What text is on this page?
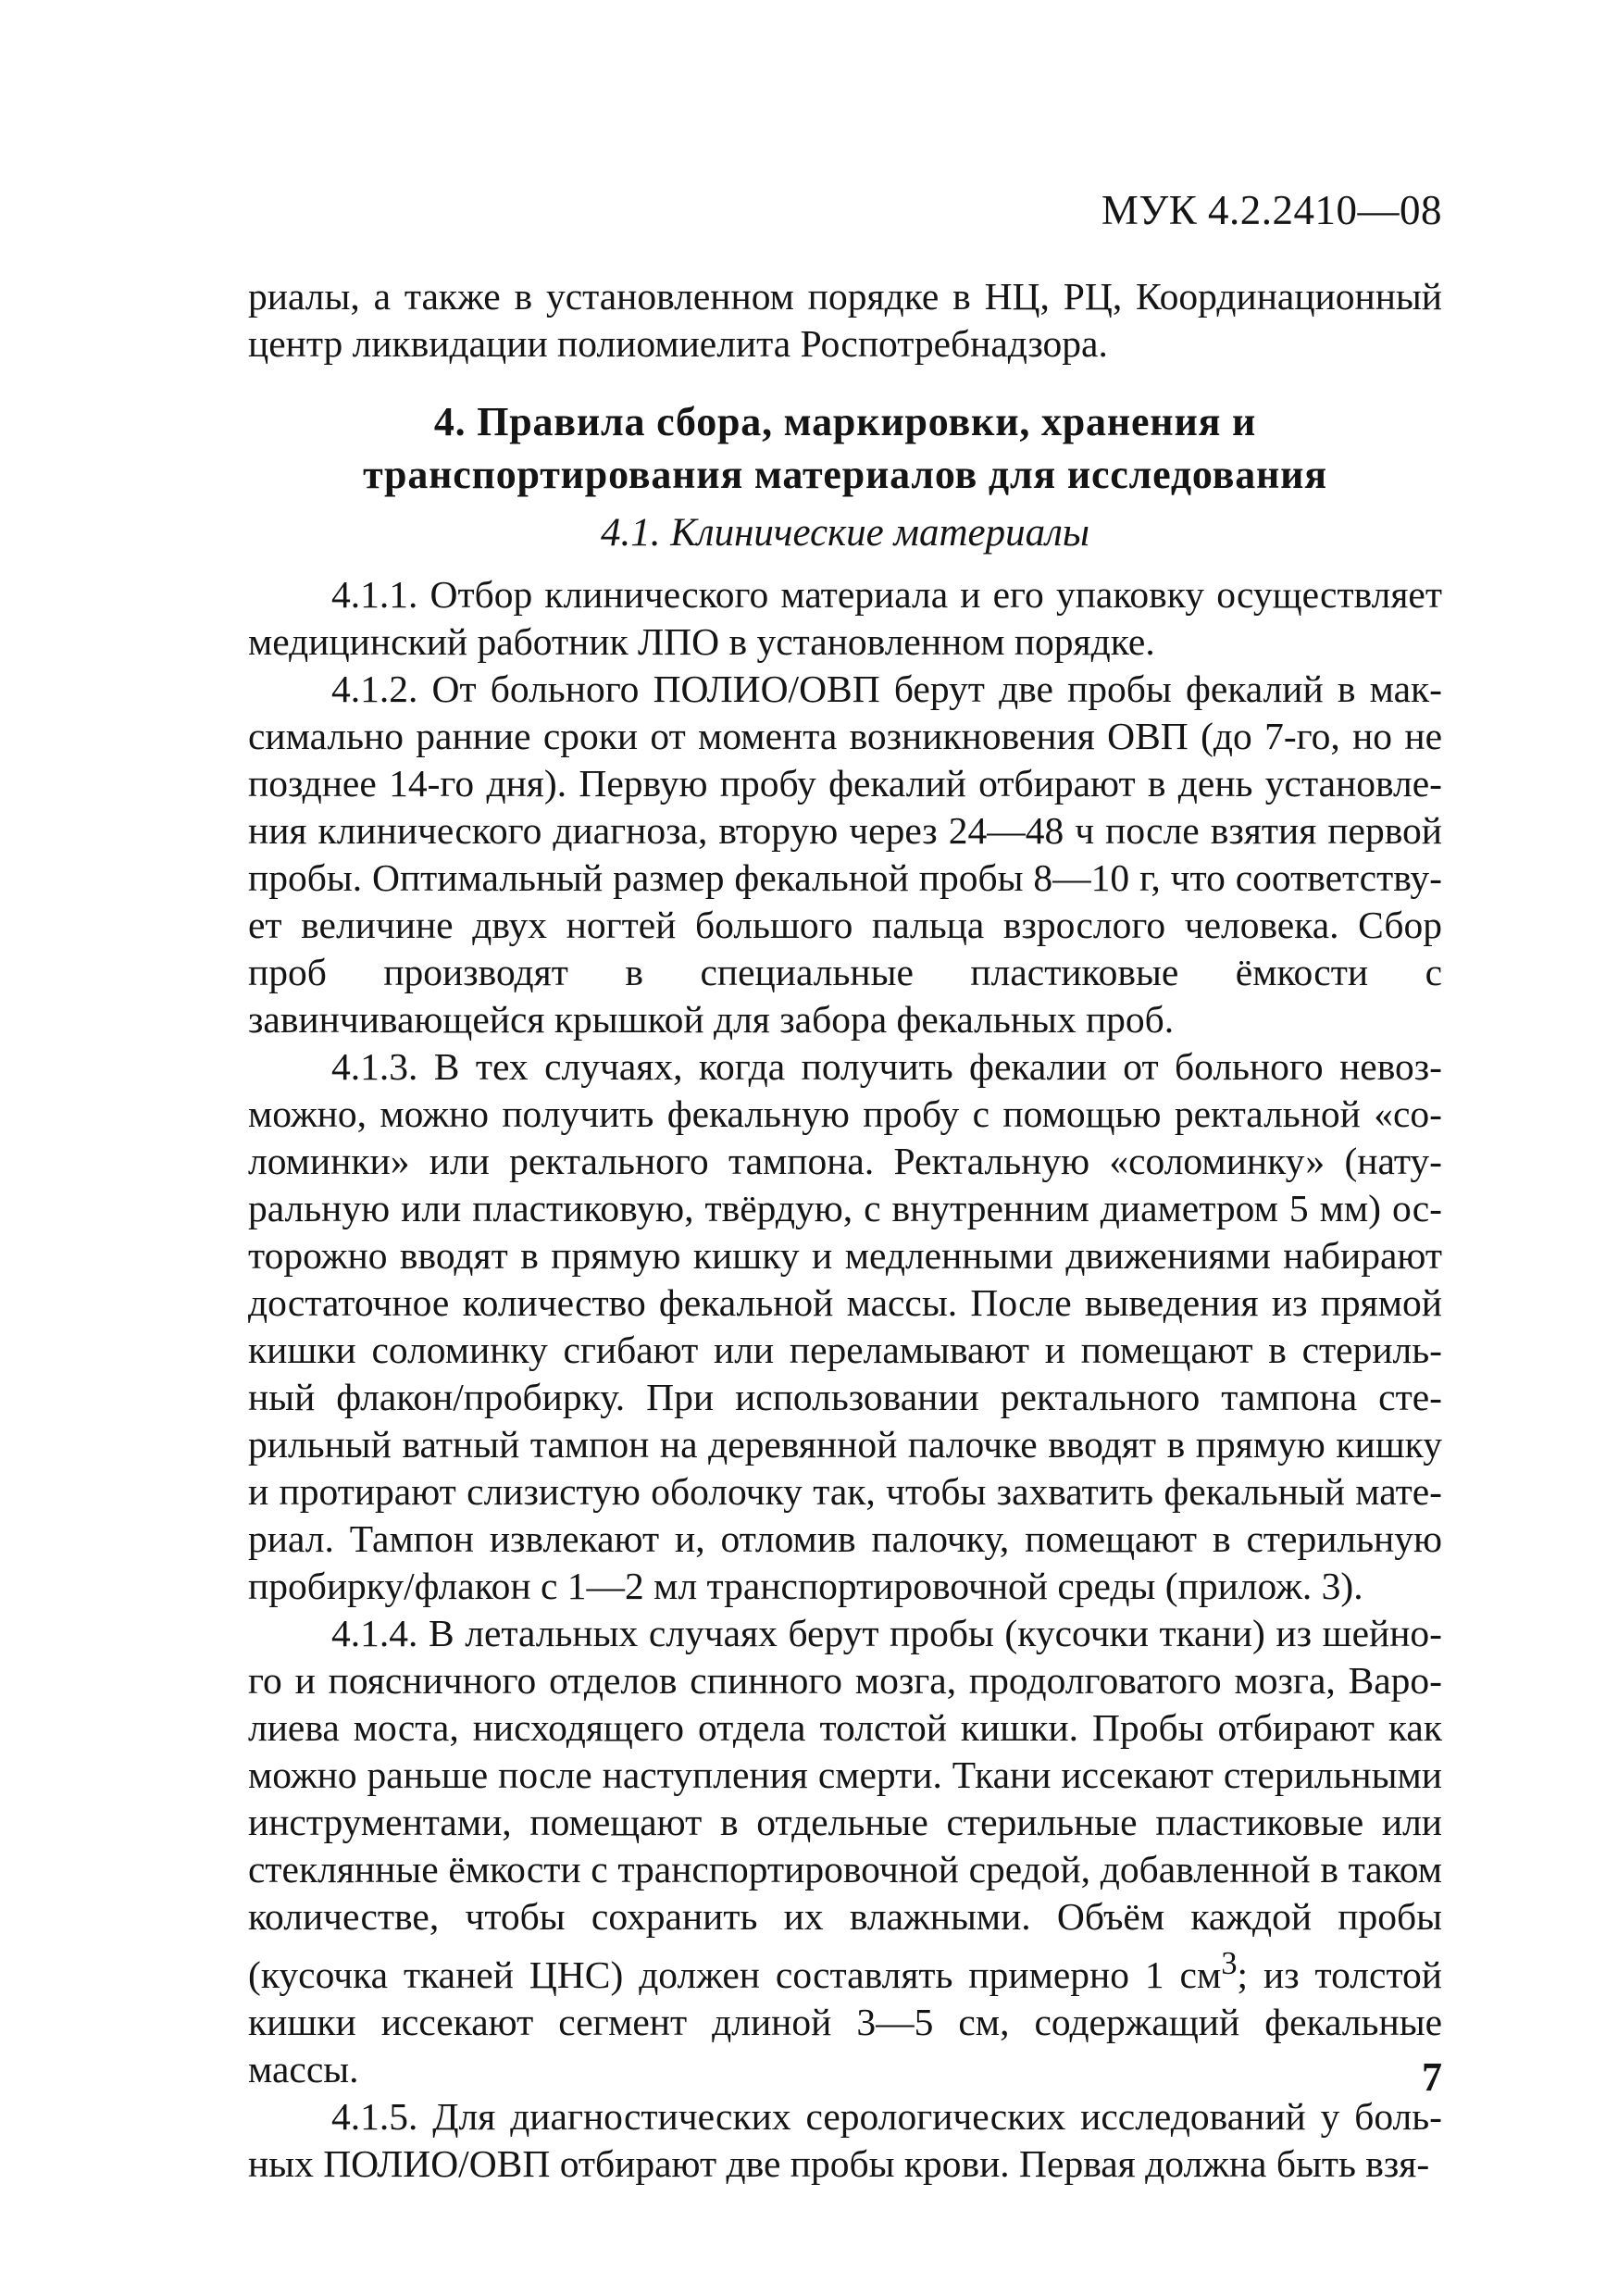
МУК 4.2.2410—08

риалы, а также в установленном порядке в НЦ, РЦ, Координационный центр ликвидации полиомиелита Роспотребнадзора.

4. Правила сбора, маркировки, хранения и
транспортирования материалов для исследования
4.1. Клинические материалы

4.1.1. Отбор клинического материала и его упаковку осуществляет медицинский работник ЛПО в установленном порядке.

4.1.2. От больного ПОЛИО/ОВП берут две пробы фекалий в максимально ранние сроки от момента возникновения ОВП (до 7-го, но не позднее 14-го дня). Первую пробу фекалий отбирают в день установления клинического диагноза, вторую через 24—48 ч после взятия первой пробы. Оптимальный размер фекальной пробы 8—10 г, что соответствует величине двух ногтей большого пальца взрослого человека. Сбор проб производят в специальные пластиковые ёмкости с завинчивающейся крышкой для забора фекальных проб.

4.1.3. В тех случаях, когда получить фекалии от больного невозможно, можно получить фекальную пробу с помощью ректальной «соломинки» или ректального тампона. Ректальную «соломинку» (натуральную или пластиковую, твёрдую, с внутренним диаметром 5 мм) осторожно вводят в прямую кишку и медленными движениями набирают достаточное количество фекальной массы. После выведения из прямой кишки соломинку сгибают или переламывают и помещают в стерильный флакон/пробирку. При использовании ректального тампона стерильный ватный тампон на деревянной палочке вводят в прямую кишку и протирают слизистую оболочку так, чтобы захватить фекальный материал. Тампон извлекают и, отломив палочку, помещают в стерильную пробирку/флакон с 1—2 мл транспортировочной среды (прилож. 3).

4.1.4. В летальных случаях берут пробы (кусочки ткани) из шейного и поясничного отделов спинного мозга, продолговатого мозга, Варолиева моста, нисходящего отдела толстой кишки. Пробы отбирают как можно раньше после наступления смерти. Ткани иссекают стерильными инструментами, помещают в отдельные стерильные пластиковые или стеклянные ёмкости с транспортировочной средой, добавленной в таком количестве, чтобы сохранить их влажными. Объём каждой пробы (кусочка тканей ЦНС) должен составлять примерно 1 $см^3$; из толстой кишки иссекают сегмент длиной 3—5 см, содержащий фекальные массы.

4.1.5. Для диагностических серологических исследований у больных ПОЛИО/ОВП отбирают две пробы крови. Первая должна быть взя-

7
